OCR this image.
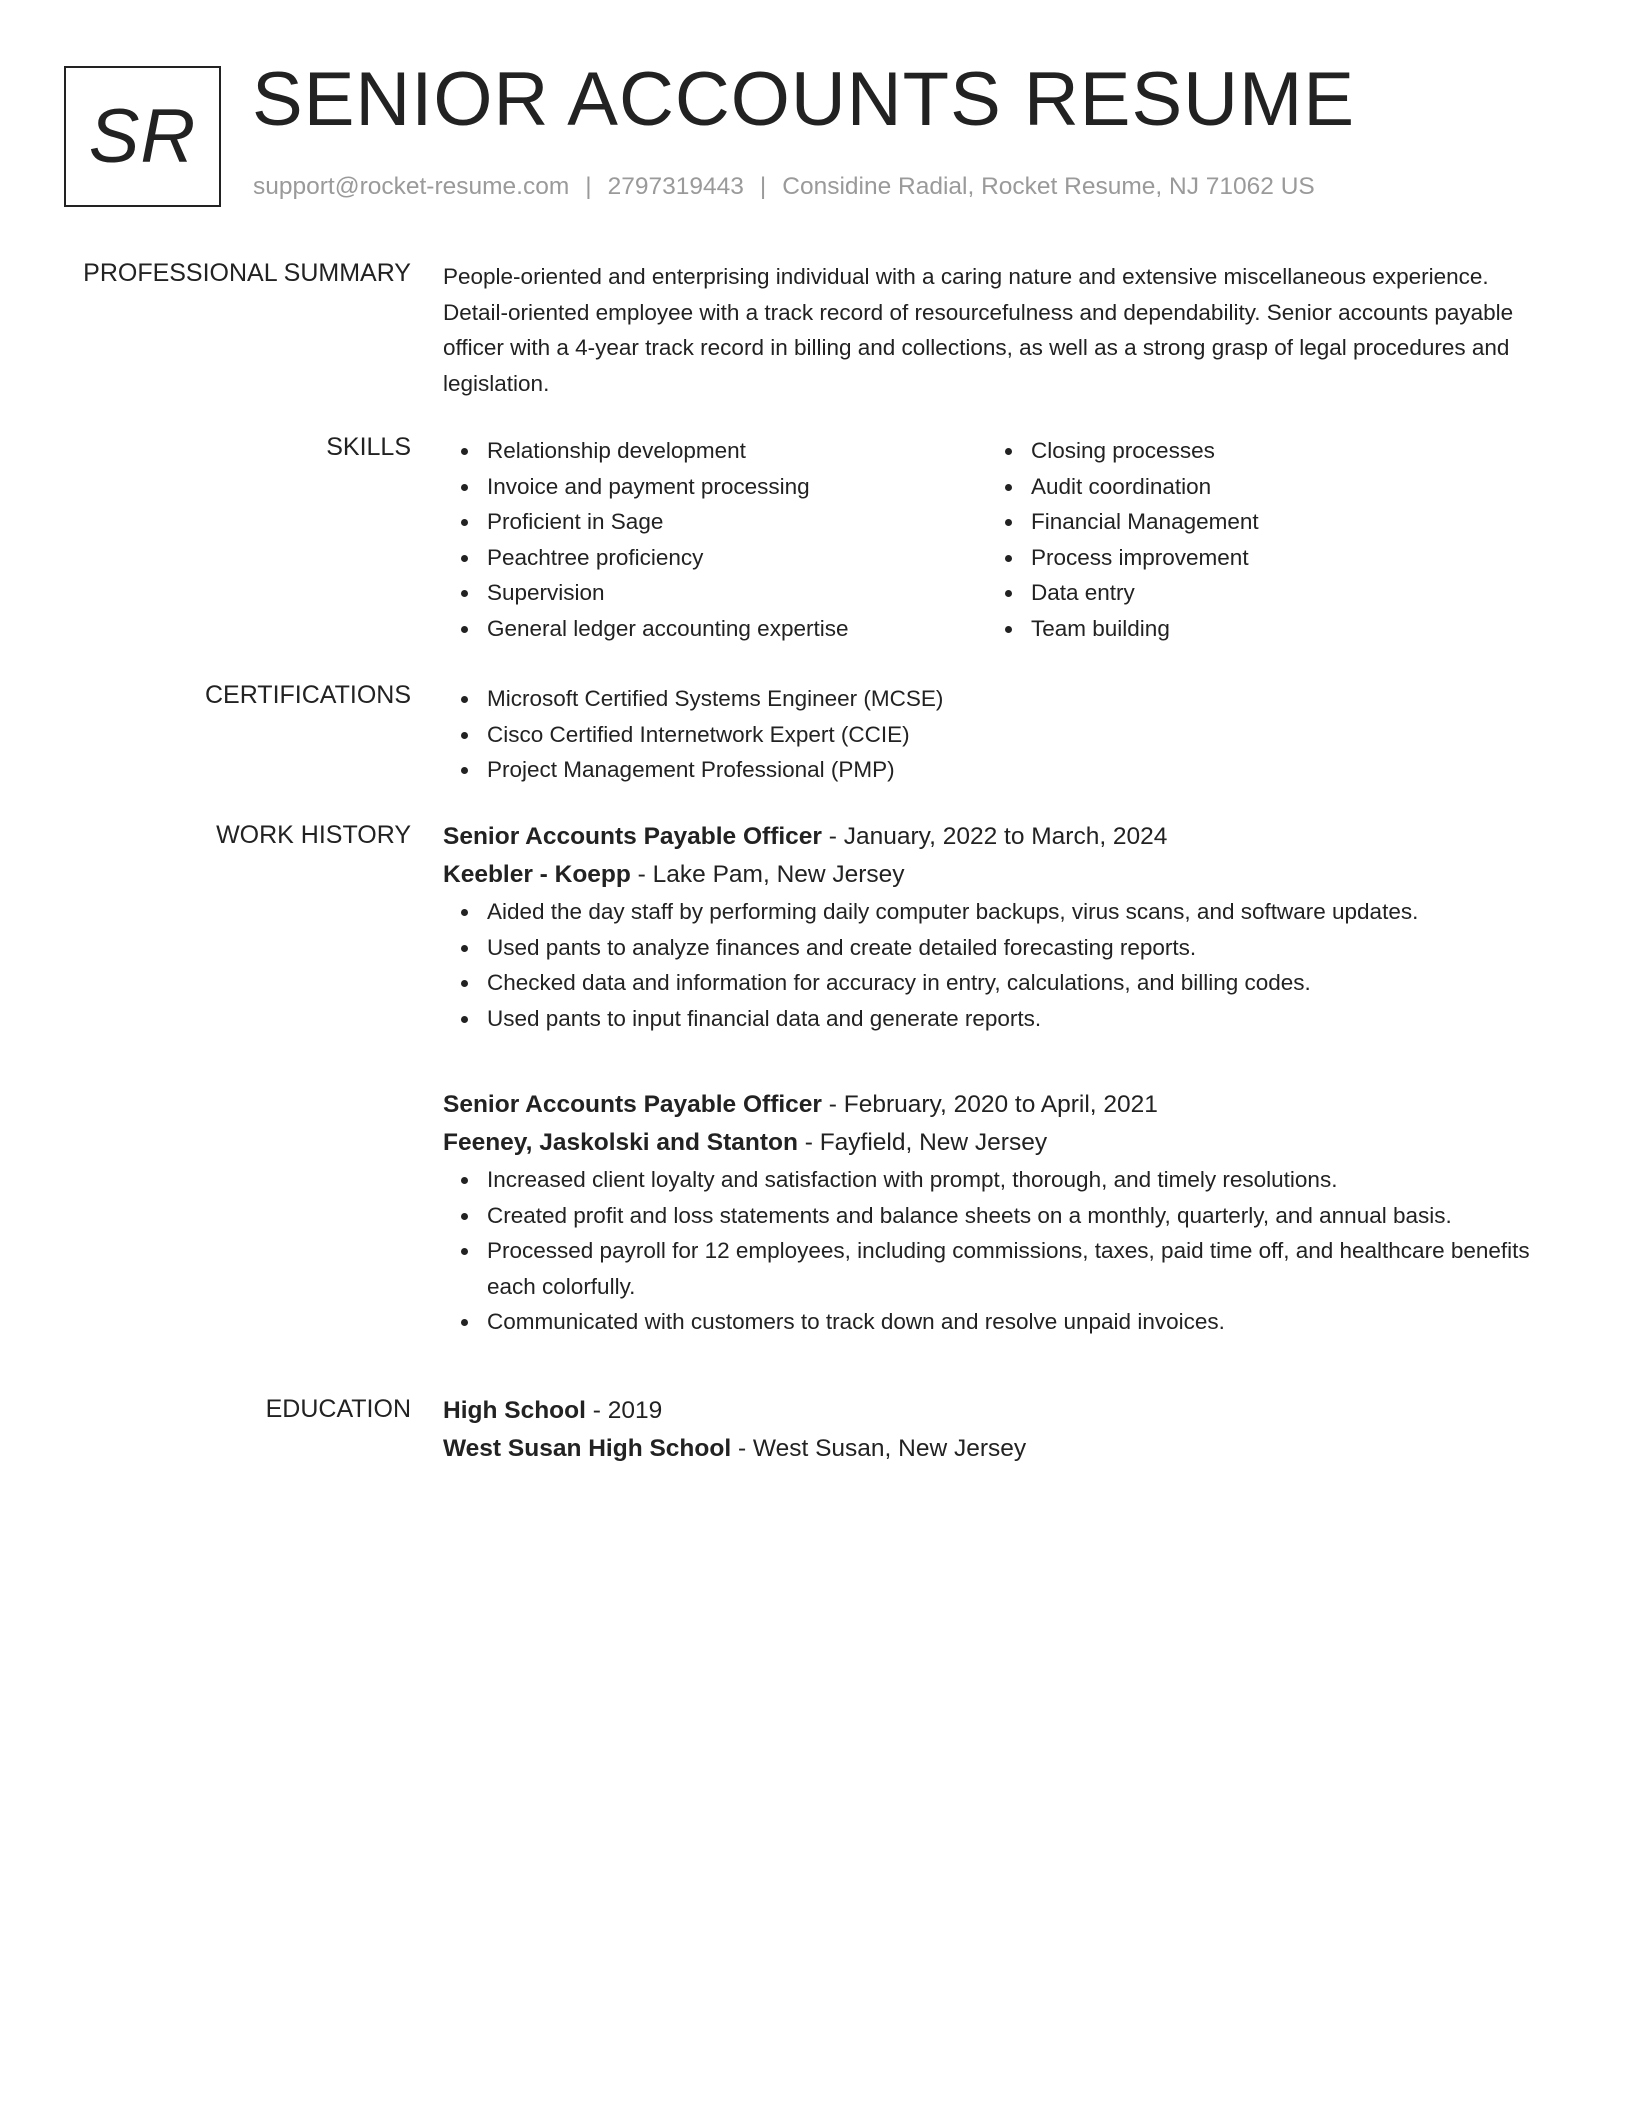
SR SENIOR ACCOUNTS RESUME
support@rocket-resume.com | 2797319443 | Considine Radial, Rocket Resume, NJ 71062 US
PROFESSIONAL SUMMARY People-oriented and enterprising individual with a caring nature and extensive miscellaneous experience. Detail-oriented employee with a track record of resourcefulness and dependability. Senior accounts payable officer with a 4-year track record in billing and collections, as well as a strong grasp of legal procedures and legislation.
SKILLS	Relationship development
Invoice and payment processing
Proficient in Sage
Peachtree proficiency
Supervision
General ledger accounting expertise
Closing processes
Audit coordination
Financial Management
Process improvement
Data entry
Team building
CERTIFICATIONS	Microsoft Certified Systems Engineer (MCSE)
Cisco Certified Internetwork Expert (CCIE)
Project Management Professional (PMP)
WORK HISTORY Senior Accounts Payable Officer - January, 2022 to March, 2024
Keebler - Koepp - Lake Pam, New Jersey
Aided the day staff by performing daily computer backups, virus scans, and software updates.
Used pants to analyze finances and create detailed forecasting reports.
Checked data and information for accuracy in entry, calculations, and billing codes.
Used pants to input financial data and generate reports.
Senior Accounts Payable Officer - February, 2020 to April, 2021
Feeney, Jaskolski and Stanton - Fayfield, New Jersey
Increased client loyalty and satisfaction with prompt, thorough, and timely resolutions.
Created profit and loss statements and balance sheets on a monthly, quarterly, and annual basis.
Processed payroll for 12 employees, including commissions, taxes, paid time off, and healthcare benefits each colorfully.
Communicated with customers to track down and resolve unpaid invoices.
EDUCATION High School - 2019
West Susan High School - West Susan, New Jersey
